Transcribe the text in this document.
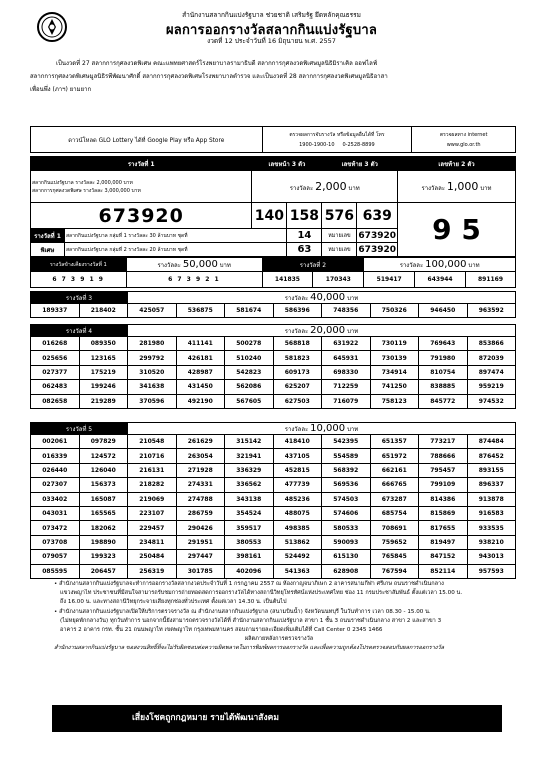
สำนักงานสลากกินแบ่งรัฐบาล ช่วยชาติ เสริมรัฐ ยึดหลักคุณธรรม
ผลการออกรางวัลสลากกินแบ่งรัฐบาล
งวดที่ 12 ประจำวันที่ 16 มิถุนายน พ.ศ. 2557
เป็นงวดที่ 27 สลากการกุศลงวดพิเศษ คณะแพทยศาสตร์โรงพยาบาลรามาธิบดี สลากการกุศลงวดพิเศษมูลนิธิมิราเคิล ออฟไลฟ์
สลากการกุศลงวดพิเศษมูลนิธิรพีพัฒนาศักดิ์ สลากการกุศลงวดพิเศษโรงพยาบาลตำรวจ และเป็นงวดที่ 28 สลากการกุศลงวดพิเศษมูลนิธิอาสา
เพื่อนพึ่ง (ภาฯ) ยามยาก
ดาวน์โหลด GLO Lottery ได้ที่ Google Play หรือ App Store	
ตรวจผลการจับรางวัล หรือข้อมูลอื่นได้ที่ โทร
1900-1900-10 0-2528-8899

ตรวจผลทาง internet
www.glo.or.th
รางวัลที่ 1		เลขหน้า 3 ตัว		เลขท้าย 3 ตัว		เลขท้าย 2 ตัว

สลากกินแบ่งรัฐบาล รางวัลละ 2,000,000 บาท
สลากการกุศลงวดพิเศษ รางวัลละ 3,000,000 บาท		รางวัลละ 2,000 บาท				รางวัลละ 1,000 บาท
673920		140	158	576	639	9 5
รางวัลที่ 1	สลากกินแบ่งรัฐบาล กลุ่มที่ 1 รางวัลละ 30 ล้านบาท ชุดที่		14	หมายเลข	673920	
พิเศษ	สลากกินแบ่งรัฐบาล กลุ่มที่ 2 รางวัลละ 20 ล้านบาท ชุดที่		63	หมายเลข	673920	
รางวัลข้างเคียงรางวัลที่ 1	รางวัลละ 50,000 บาท	รางวัลที่ 2		รางวัลละ 100,000 บาท		
6 7 3 9 1 9	6 7 3 9 2 1	141835	170343	519417	643944	891169
รางวัลที่ 3		รางวัลละ 40,000 บาท							
189337	218402	425057	536875	581674	586396	748356	750326	946450	963592
รางวัลที่ 4		รางวัลละ 20,000 บาท							
016268	089350	281980	411141	500278	568818	631922	730119	769643	853866
025656	123165	299792	426181	510240	581823	645931	730139	791980	872039
027377	175219	310520	428987	542823	609173	698330	734914	810754	897474
062483	199246	341638	431450	562086	625207	712259	741250	838885	959219
082658	219289	370596	492190	567605	627503	716079	758123	845772	974532
รางวัลที่ 5		รางวัลละ 10,000 บาท							
002061	097829	210548	261629	315142	418410	542395	651357	773217	874484
016339	124572	210716	263054	321941	437105	554589	651972	788666	876452
026440	126040	216131	271928	336329	452815	568392	662161	795457	893155
027307	156373	218282	274331	336562	477739	569536	666765	799109	896337
033402	165087	219069	274788	343138	485236	574503	673287	814386	913878
043031	165565	223107	286759	354524	488075	574606	685754	815869	916583
073472	182062	229457	290426	359517	498385	580533	708691	817655	933535
073708	198890	234811	291951	380553	513862	590093	759652	819497	938210
079057	199323	250484	297447	398161	524492	615130	765845	847152	943013
085595	206457	256319	301785	402096	541363	628908	767594	852114	957593
• สำนักงานสลากกินแบ่งรัฐบาลจะทำการออกรางวัลสลากงวดประจำวันที่ 1 กรกฎาคม 2557 ณ ห้องกาญจนาภิเษก 2 อาคารสนามกีฬา ศรีเกษ ถนนราชดำเนินกลาง
แขวงพญาไท ประชาชนที่มีสนใจสามารถรับชมการถ่ายทอดสดการออกรางวัลได้ทางสถานีวิทยุโทรทัศน์แห่งประเทศไทย ช่อง 11 กรมประชาสัมพันธ์ ตั้งแต่เวลา 15.00 น.
ถึง 16.00 น. และทางสถานีวิทยุกระจายเสียงทุกช่องทั่วประเทศ ตั้งแต่เวลา 14.30 น. เป็นต้นไป
• สำนักงานสลากกินแบ่งรัฐบาลเปิดให้บริการตรวจรางวัล ณ สำนักงานสลากกินแบ่งรัฐบาล (สนามบินน้ำ) จังหวัดนนทบุรี ในวันทำการ เวลา 08.30 - 15.00 น.
(ไม่หยุดพักกลางวัน) ทุกวันทำการ นอกจากนี้ยังสามารถตรวจรางวัลได้ที่ สำนักงานสลากกินแบ่งรัฐบาล สาขา 1 ชั้น 3 ถนนราชดำเนินกลาง สาขา 2 และสาขา 3
อาคาร 2 อาคาร กรท. ชั้น 21 ถนนพญาไท เขตพญาไท กรุงเทพมหานคร สอบถามรายละเอียดเพิ่มเติมได้ที่ Call Center 0 2345 1466
ผลิตภายหลังการตรวจรางวัล
สำนักงานสลากกินแบ่งรัฐบาล ขอสงวนสิทธิ์ที่จะไม่รับผิดชอบต่อความผิดพลาดในการพิมพ์ผลการออกรางวัล และเพื่อความถูกต้องโปรดตรวจสอบกับผลการออกรางวัล
เสี่ยงโชคถูกกฎหมาย รายได้พัฒนาสังคม
